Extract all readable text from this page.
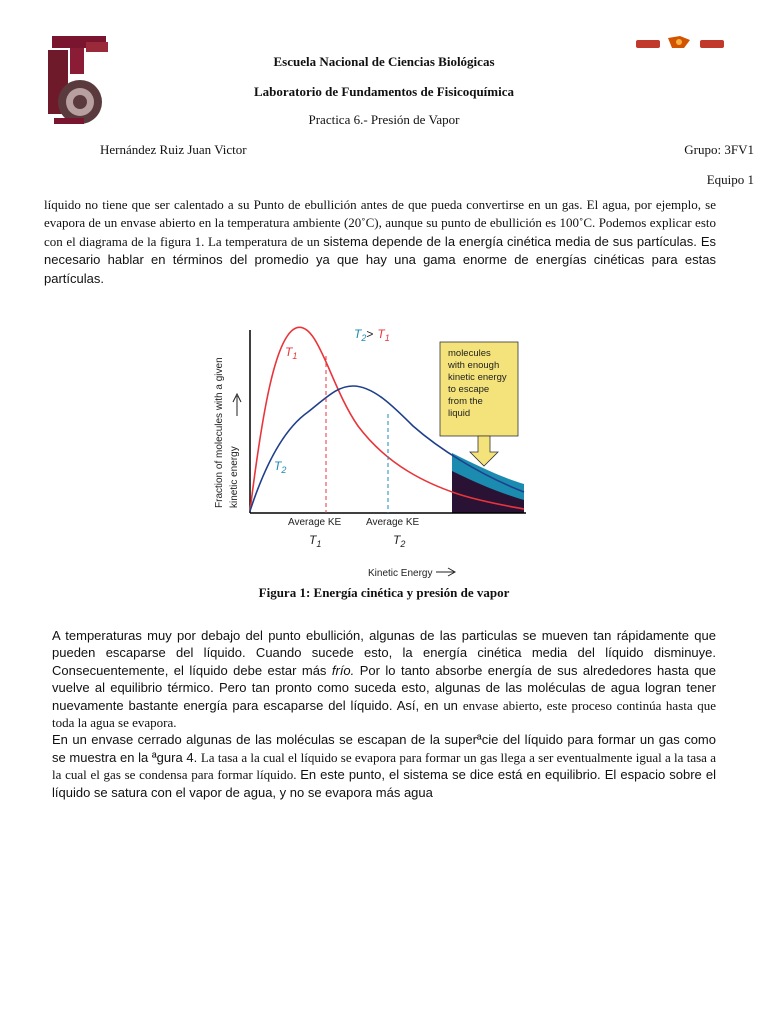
Escuela Nacional de Ciencias Biológicas
Laboratorio de Fundamentos de Fisicoquímica
Practica 6.- Presión de Vapor
Hernández Ruiz Juan Victor	Grupo: 3FV1
Equipo 1
líquido no tiene que ser calentado a su Punto de ebullición antes de que pueda convertirse en un gas. El agua, por ejemplo, se evapora de un envase abierto en la temperatura ambiente (20˚C), aunque su punto de ebullición es 100˚C. Podemos explicar esto con el diagrama de la figura 1. La temperatura de un sistema depende de la energía cinética media de sus partículas. Es necesario hablar en términos del promedio ya que hay una gama enorme de energías cinéticas para estas partículas.
Fraction of molecules with a given kinetic energy
$T_1$
$T_2$
$T_2> T_1$
molecules
with enough
kinetic energy
to escape
from the
liquid
Average KE Average KE
$T_1$	$T_2$
Kinetic Energy
Figura 1: Energía cinética y presión de vapor

A temperaturas muy por debajo del punto ebullición, algunas de las particulas se mueven tan rápidamente que pueden escaparse del líquido. Cuando sucede esto, la energía cinética media del líquido disminuye. Consecuentemente, el líquido debe estar más frío. Por lo tanto absorbe energía de sus alrededores hasta que vuelve al equilibrio térmico. Pero tan pronto como suceda esto, algunas de las moléculas de agua logran tener nuevamente bastante energía para escaparse del líquido. Así, en un envase abierto, este proceso continúa hasta que toda la agua se evapora.

En un envase cerrado algunas de las moléculas se escapan de la superªcie del líquido para formar un gas como se muestra en la ªgura 4. La tasa a la cual el líquido se evapora para formar un gas llega a ser eventualmente igual a la tasa a la cual el gas se condensa para formar líquido. En este punto, el sistema se dice está en equilibrio. El espacio sobre el líquido se satura con el vapor de agua, y no se evapora más agua
